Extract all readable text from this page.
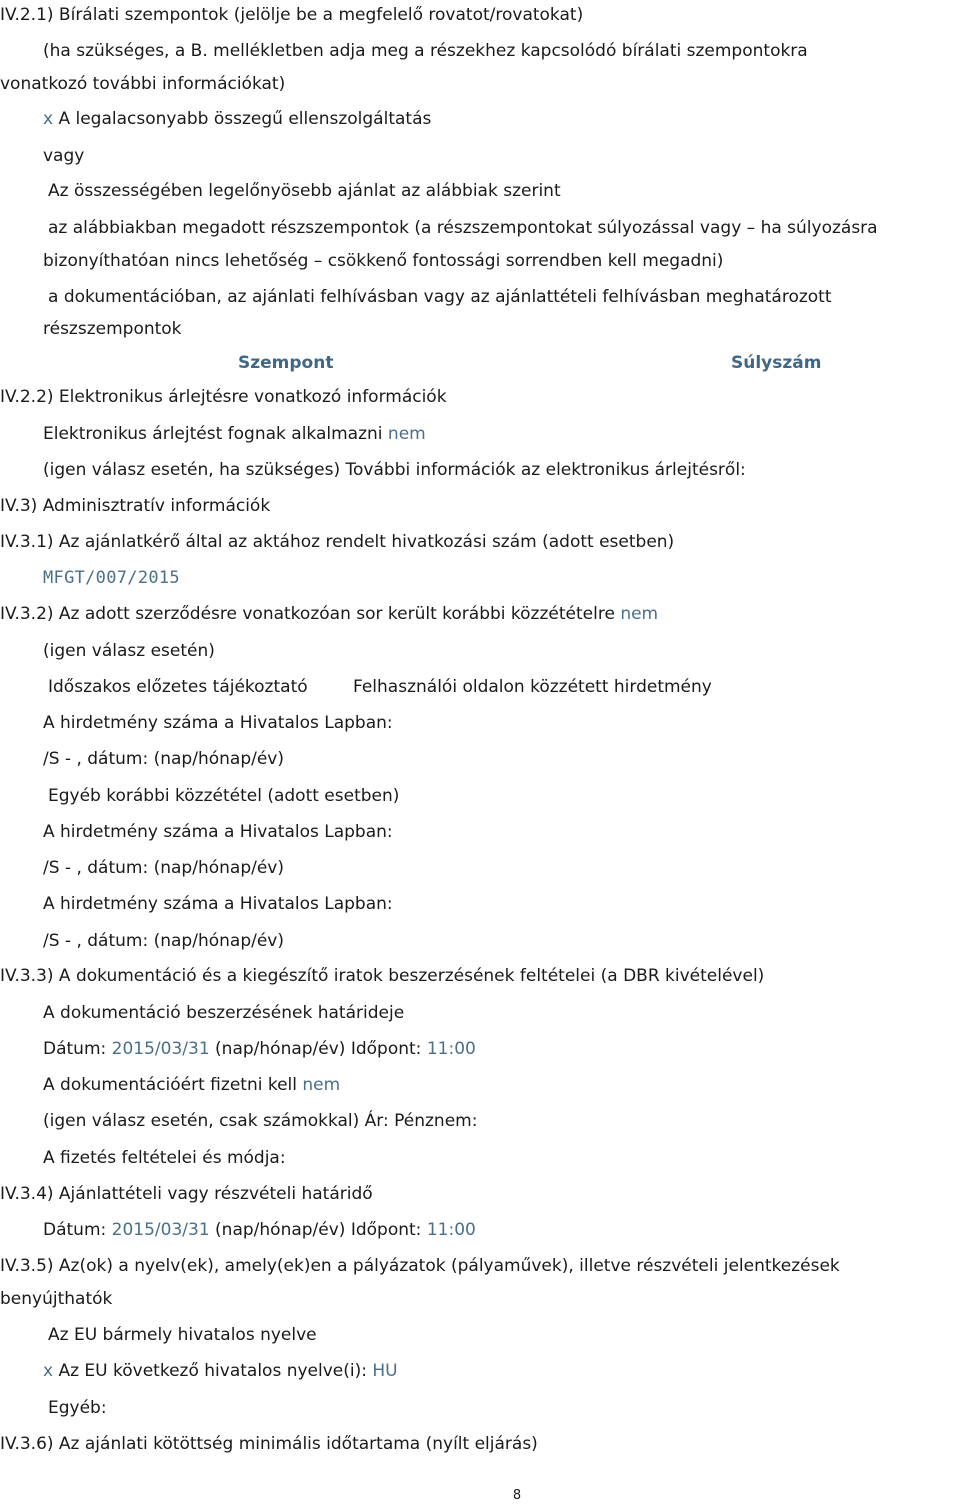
IV.2.1) Bírálati szempontok (jelölje be a megfelelő rovatot/rovatokat)
(ha szükséges, a B. mellékletben adja meg a részekhez kapcsolódó bírálati szempontokra
vonatkozó további információkat)
x A legalacsonyabb összegű ellenszolgáltatás
vagy
Az összességében legelőnyösebb ajánlat az alábbiak szerint
az alábbiakban megadott részszempontok (a részszempontokat súlyozással vagy – ha súlyozásra
bizonyíthatóan nincs lehetőség – csökkenő fontossági sorrendben kell megadni)
a dokumentációban, az ajánlati felhívásban vagy az ajánlattételi felhívásban meghatározott
részszempontok
Szempont	Súlyszám
IV.2.2) Elektronikus árlejtésre vonatkozó információk
Elektronikus árlejtést fognak alkalmazni nem
(igen válasz esetén, ha szükséges) További információk az elektronikus árlejtésről:
IV.3) Adminisztratív információk
IV.3.1) Az ajánlatkérő által az aktához rendelt hivatkozási szám (adott esetben)
MFGT/007/2015
IV.3.2) Az adott szerződésre vonatkozóan sor került korábbi közzétételre nem
(igen válasz esetén)
Időszakos előzetes tájékoztató	Felhasználói oldalon közzétett hirdetmény
A hirdetmény száma a Hivatalos Lapban:
/S - , dátum: (nap/hónap/év)
Egyéb korábbi közzététel (adott esetben)
A hirdetmény száma a Hivatalos Lapban:
/S - , dátum: (nap/hónap/év)
A hirdetmény száma a Hivatalos Lapban:
/S - , dátum: (nap/hónap/év)
IV.3.3) A dokumentáció és a kiegészítő iratok beszerzésének feltételei (a DBR kivételével)
A dokumentáció beszerzésének határideje
Dátum: 2015/03/31 (nap/hónap/év) Időpont: 11:00
A dokumentációért fizetni kell nem
(igen válasz esetén, csak számokkal) Ár: Pénznem:
A fizetés feltételei és módja:
IV.3.4) Ajánlattételi vagy részvételi határidő
Dátum: 2015/03/31 (nap/hónap/év) Időpont: 11:00
IV.3.5) Az(ok) a nyelv(ek), amely(ek)en a pályázatok (pályaművek), illetve részvételi jelentkezések
benyújthatók
Az EU bármely hivatalos nyelve
x Az EU következő hivatalos nyelve(i): HU
Egyéb:
IV.3.6) Az ajánlati kötöttség minimális időtartama (nyílt eljárás)
8
